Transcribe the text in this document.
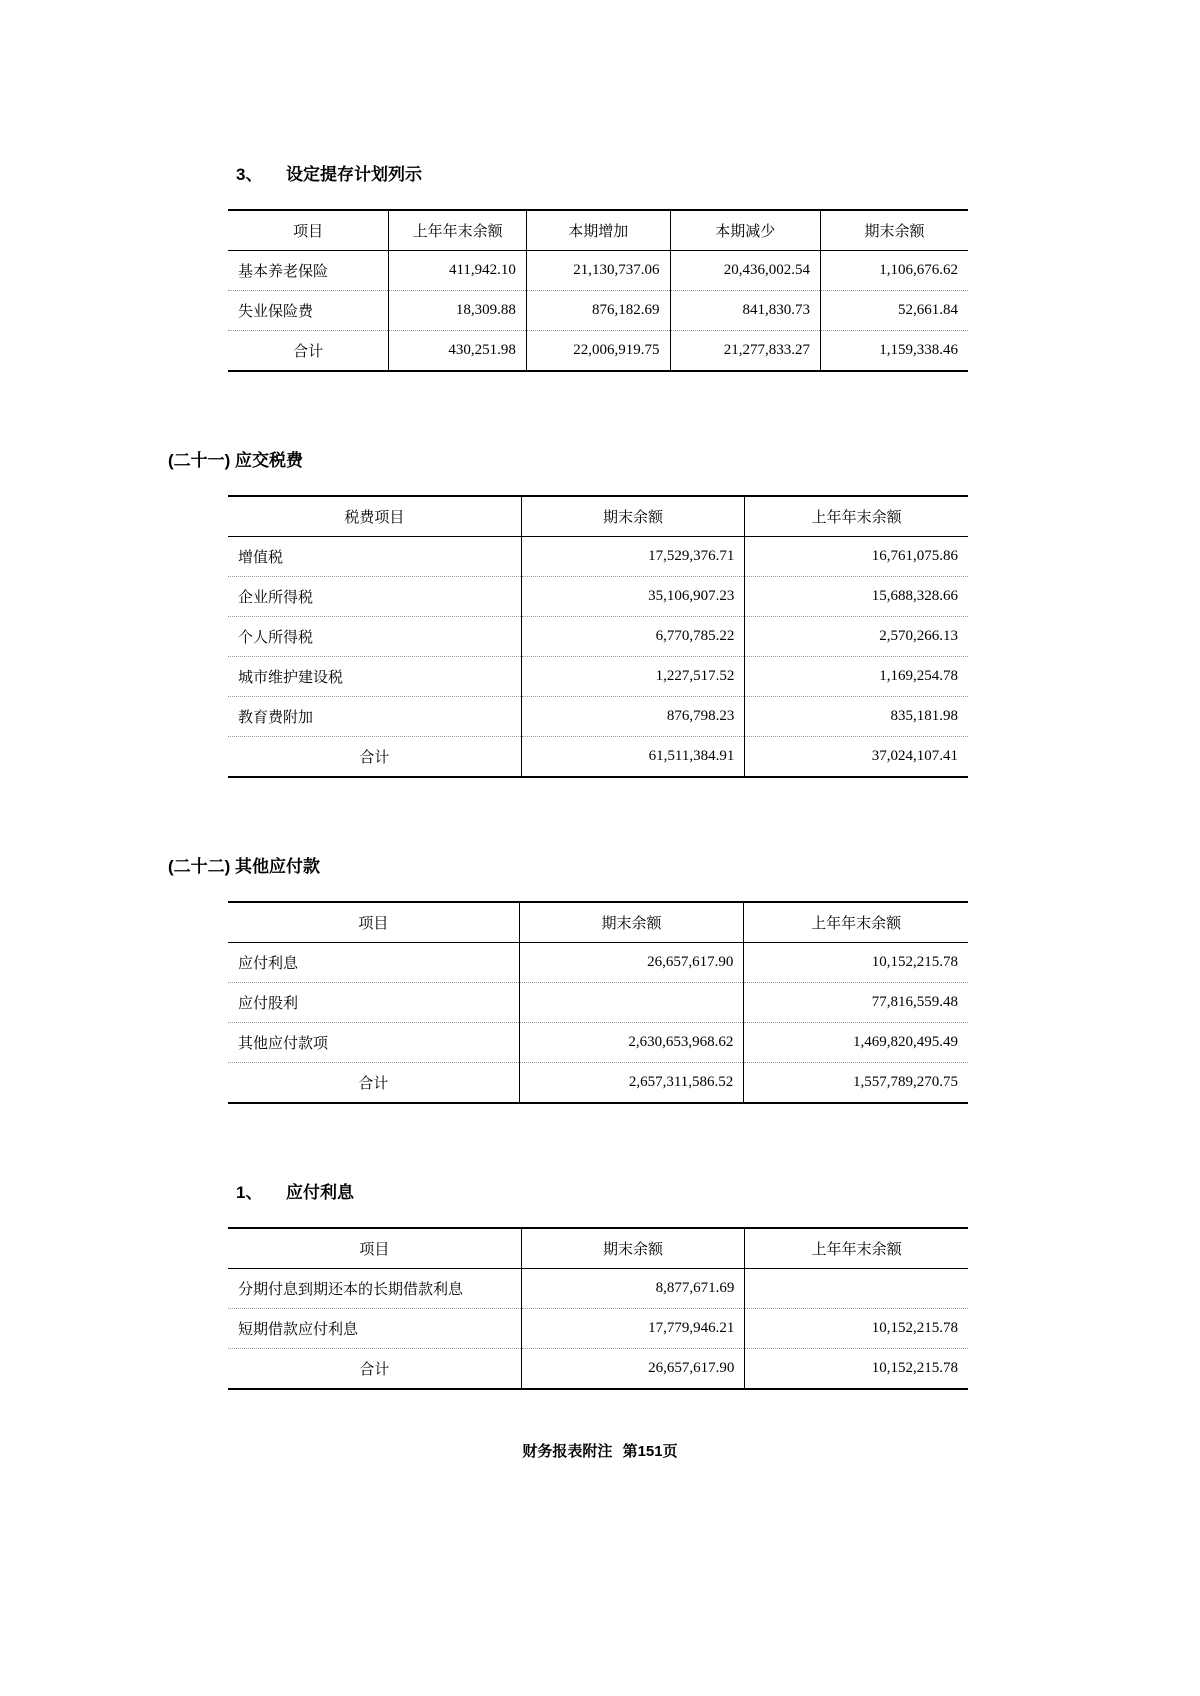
3、 设定提存计划列示
项目	上年年末余额	本期增加	本期减少	期末余额
基本养老保险	411,942.10	21,130,737.06	20,436,002.54	1,106,676.62
失业保险费	18,309.88	876,182.69	841,830.73	52,661.84
合计	430,251.98	22,006,919.75	21,277,833.27	1,159,338.46
(二十一) 应交税费
税费项目	期末余额	上年年末余额
增值税	17,529,376.71	16,761,075.86
企业所得税	35,106,907.23	15,688,328.66
个人所得税	6,770,785.22	2,570,266.13
城市维护建设税	1,227,517.52	1,169,254.78
教育费附加	876,798.23	835,181.98
合计	61,511,384.91	37,024,107.41
(二十二) 其他应付款
项目	期末余额	上年年末余额
应付利息	26,657,617.90	10,152,215.78
应付股利		77,816,559.48
其他应付款项	2,630,653,968.62	1,469,820,495.49
合计	2,657,311,586.52	1,557,789,270.75
1、 应付利息
项目	期末余额	上年年末余额
分期付息到期还本的长期借款利息	8,877,671.69	
短期借款应付利息	17,779,946.21	10,152,215.78
合计	26,657,617.90	10,152,215.78
财务报表附注 第151页
